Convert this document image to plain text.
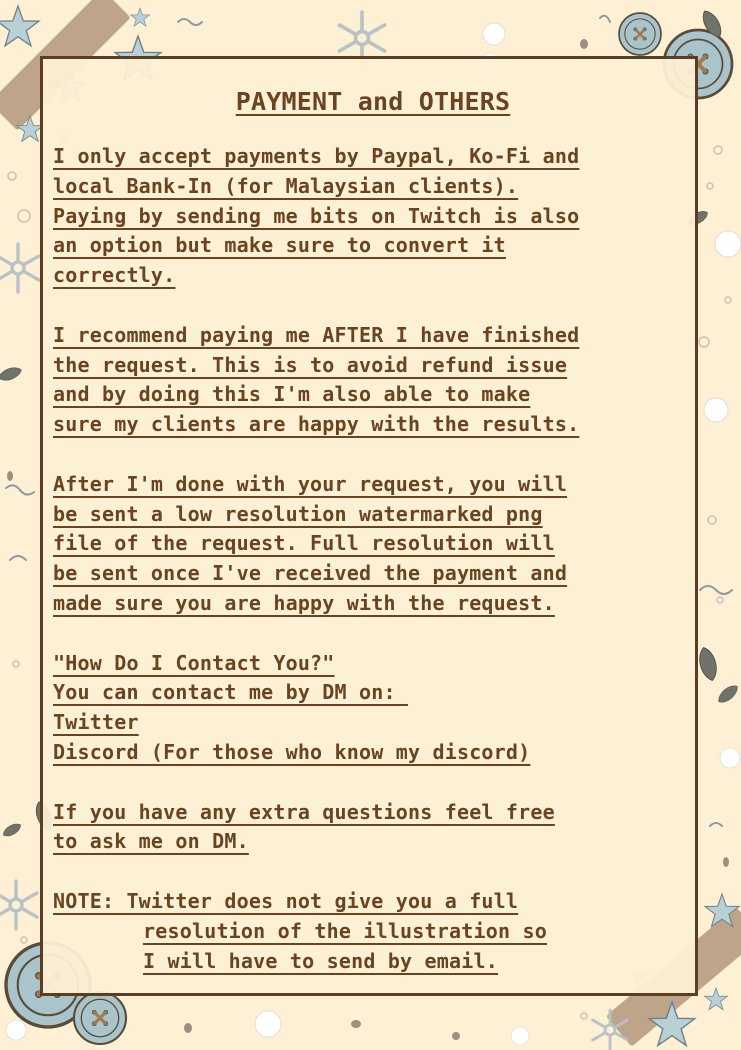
PAYMENT and OTHERS
I only accept payments by Paypal, Ko-Fi and
local Bank-In (for Malaysian clients).
Paying by sending me bits on Twitch is also
an option but make sure to convert it
correctly.
I recommend paying me AFTER I have finished
the request. This is to avoid refund issue
and by doing this I'm also able to make
sure my clients are happy with the results.
After I'm done with your request, you will
be sent a low resolution watermarked png
file of the request. Full resolution will
be sent once I've received the payment and
made sure you are happy with the request.
"How Do I Contact You?"
You can contact me by DM on:
Twitter
Discord (For those who know my discord)
If you have any extra questions feel free
to ask me on DM.
NOTE: Twitter does not give you a full
resolution of the illustration so
I will have to send by email.
